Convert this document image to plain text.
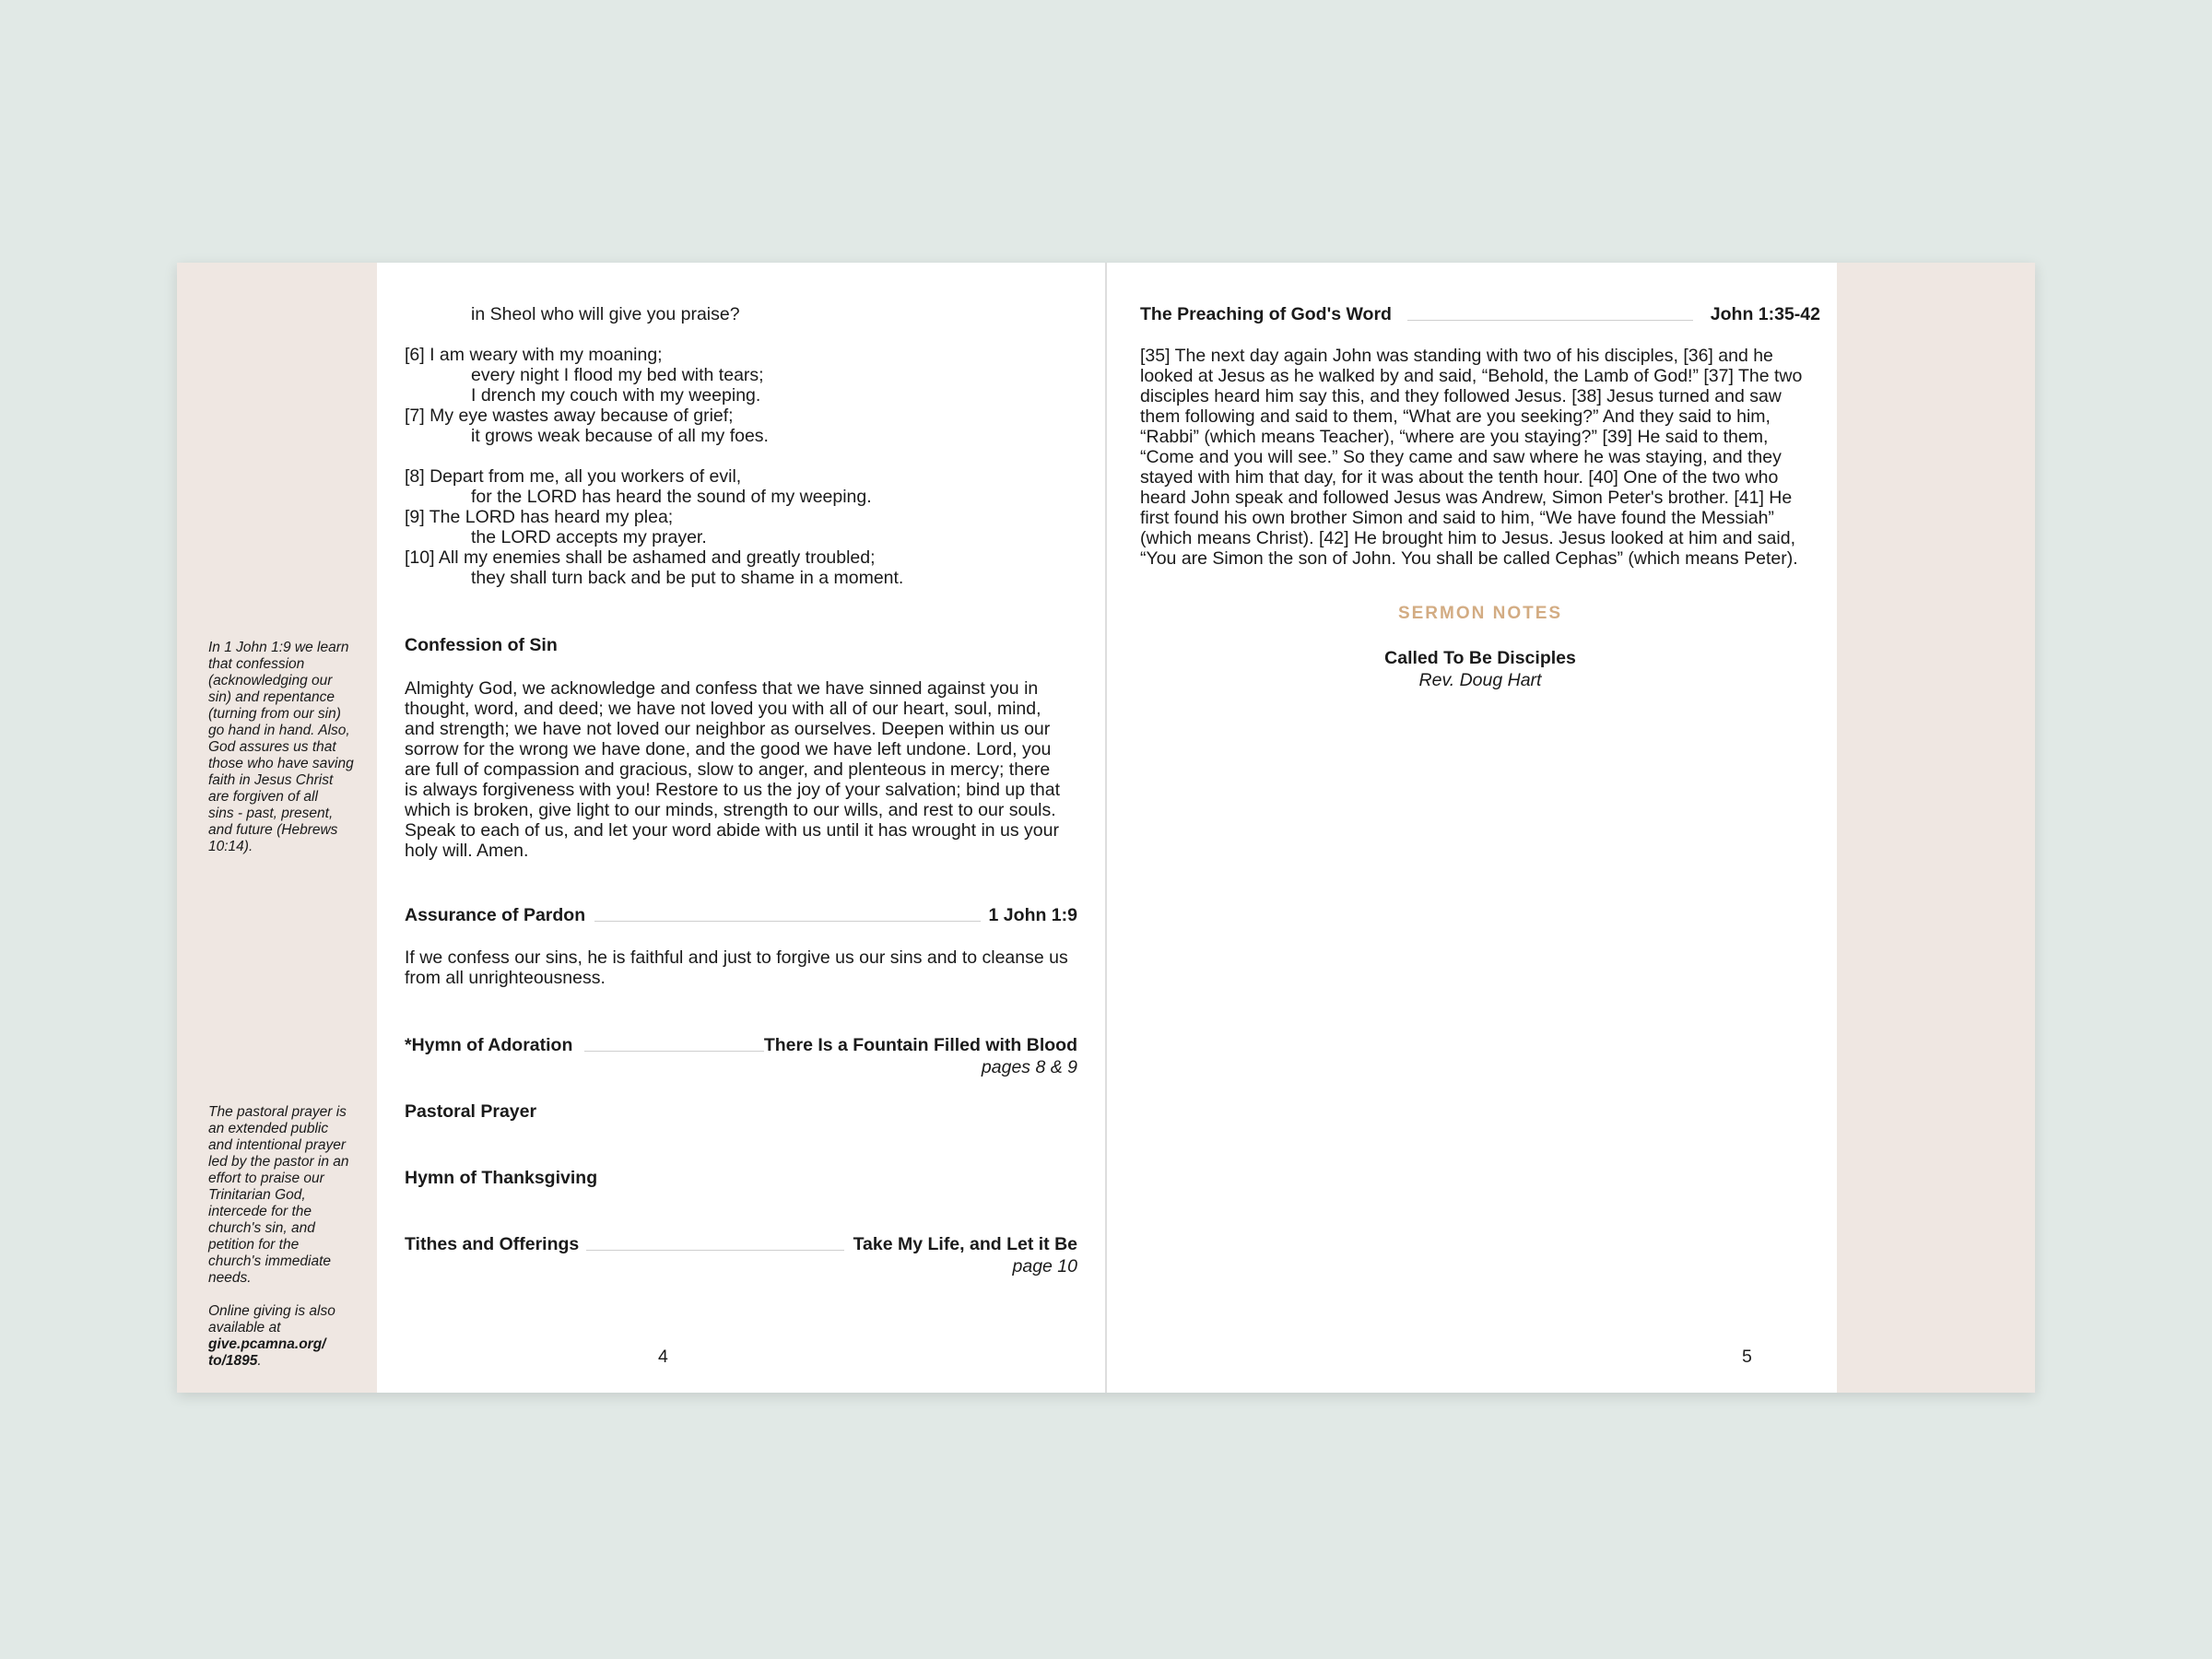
In 1 John 1:9 we learn

that confession

(acknowledging our

sin) and repentance

(turning from our sin)

go hand in hand. Also,

God assures us that

those who have saving

faith in Jesus Christ

are forgiven of all

sins - past, present,

and future (Hebrews

10:14).

The pastoral prayer is

an extended public

and intentional prayer

led by the pastor in an

effort to praise our

Trinitarian God,

intercede for the

church's sin, and

petition for the

church's immediate

needs.

Online giving is also

available at

give.pcamna.org/

to/1895.

in Sheol who will give you praise?

[6] I am weary with my moaning;

every night I flood my bed with tears;

I drench my couch with my weeping.

[7] My eye wastes away because of grief;

it grows weak because of all my foes.

[8] Depart from me, all you workers of evil,

for the LORD has heard the sound of my weeping.

[9] The LORD has heard my plea;

the LORD accepts my prayer.

[10] All my enemies shall be ashamed and greatly troubled;

they shall turn back and be put to shame in a moment.

Confession of Sin

Almighty God, we acknowledge and confess that we have sinned against you in

thought, word, and deed; we have not loved you with all of our heart, soul, mind,

and strength; we have not loved our neighbor as ourselves. Deepen within us our

sorrow for the wrong we have done, and the good we have left undone. Lord, you

are full of compassion and gracious, slow to anger, and plenteous in mercy; there

is always forgiveness with you! Restore to us the joy of your salvation; bind up that

which is broken, give light to our minds, strength to our wills, and rest to our souls.

Speak to each of us, and let your word abide with us until it has wrought in us your

holy will. Amen.

Assurance of Pardon	1 John 1:9

If we confess our sins, he is faithful and just to forgive us our sins and to cleanse us

from all unrighteousness.

*Hymn of Adoration	There Is a Fountain Filled with Blood
pages 8 & 9
Pastoral Prayer
Hymn of Thanksgiving
Tithes and Offerings	Take My Life, and Let it Be
page 10
4
The Preaching of God's Word	John 1:35-42

[35] The next day again John was standing with two of his disciples, [36] and he

looked at Jesus as he walked by and said, “Behold, the Lamb of God!” [37] The two

disciples heard him say this, and they followed Jesus. [38] Jesus turned and saw

them following and said to them, “What are you seeking?” And they said to him,

“Rabbi” (which means Teacher), “where are you staying?” [39] He said to them,

“Come and you will see.” So they came and saw where he was staying, and they

stayed with him that day, for it was about the tenth hour. [40] One of the two who

heard John speak and followed Jesus was Andrew, Simon Peter's brother. [41] He

first found his own brother Simon and said to him, “We have found the Messiah”

(which means Christ). [42] He brought him to Jesus. Jesus looked at him and said,

“You are Simon the son of John. You shall be called Cephas” (which means Peter).

SERMON NOTES
Called To Be Disciples
Rev. Doug Hart
5
